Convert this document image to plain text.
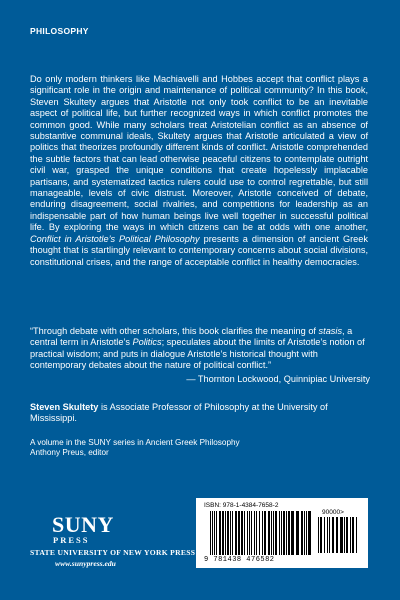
PHILOSOPHY

Do only modern thinkers like Machiavelli and Hobbes accept that conflict plays a significant role in the origin and maintenance of political community? In this book, Steven Skultety argues that Aristotle not only took conflict to be an inevitable aspect of political life, but further recognized ways in which conflict promotes the common good. While many scholars treat Aristotelian conflict as an absence of substantive communal ideals, Skultety argues that Aristotle articulated a view of politics that theorizes profoundly different kinds of conflict. Aristotle comprehended the subtle factors that can lead otherwise peaceful citizens to contemplate outright civil war, grasped the unique conditions that create hopelessly implacable partisans, and systematized tactics rulers could use to control regrettable, but still manageable, levels of civic distrust. Moreover, Aristotle conceived of debate, enduring disagreement, social rivalries, and competitions for leadership as an indispensable part of how human beings live well together in successful political life. By exploring the ways in which citizens can be at odds with one another, Conflict in Aristotle’s Political Philosophy presents a dimension of ancient Greek thought that is startlingly relevant to contemporary concerns about social divisions, constitutional crises, and the range of acceptable conflict in healthy democracies.

“Through debate with other scholars, this book clarifies the meaning of stasis, a central term in Aristotle’s Politics; speculates about the limits of Aristotle’s notion of practical wisdom; and puts in dialogue Aristotle’s historical thought with contemporary debates about the nature of political conflict.”

— Thornton Lockwood, Quinnipiac University

Steven Skultety is Associate Professor of Philosophy at the University of Mississippi.

A volume in the SUNY series in Ancient Greek Philosophy
Anthony Preus, editor
ISBN: 978-1-4384-7658-2
90000>
9 781438 476582
SUNY
PRESS
STATE UNIVERSITY OF NEW YORK PRESS
www.sunypress.edu
